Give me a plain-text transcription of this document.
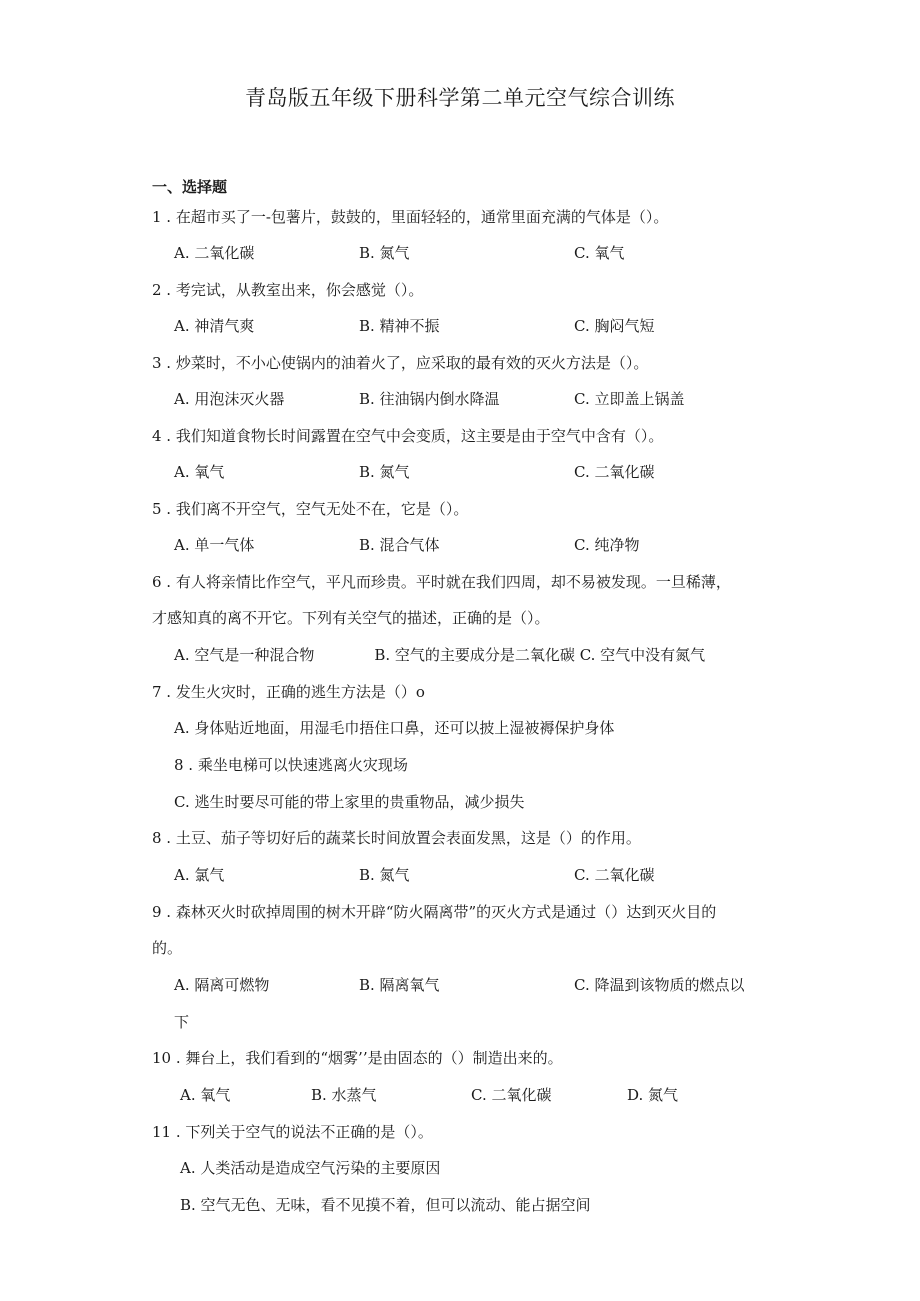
青岛版五年级下册科学第二单元空气综合训练
一、选择题
1 . 在超市买了一-包薯片，鼓鼓的，里面轻轻的，通常里面充满的气体是（）。
A. 二氧化碳	B. 氮气	C. 氧气
2 . 考完试，从教室出来，你会感觉（）。
A. 神清气爽	B. 精神不振	C. 胸闷气短
3 . 炒菜时，不小心使锅内的油着火了，应采取的最有效的灭火方法是（）。
A. 用泡沫灭火器	B. 往油锅内倒水降温	C. 立即盖上锅盖
4 . 我们知道食物长时间露置在空气中会变质，这主要是由于空气中含有（）。
A. 氧气	B. 氮气	C. 二氧化碳
5 . 我们离不开空气，空气无处不在，它是（）。
A. 单一气体	B. 混合气体	C. 纯净物
6 . 有人将亲情比作空气，平凡而珍贵。平时就在我们四周，却不易被发现。一旦稀薄，
才感知真的离不开它。下列有关空气的描述，正确的是（）。
A. 空气是一种混合物　　　　B. 空气的主要成分是二氧化碳 C. 空气中没有氮气
7 . 发生火灾时，正确的逃生方法是（）o
A. 身体贴近地面，用湿毛巾捂住口鼻，还可以披上湿被褥保护身体
8 . 乘坐电梯可以快速逃离火灾现场
C. 逃生时要尽可能的带上家里的贵重物品，减少损失
8 . 土豆、茄子等切好后的蔬菜长时间放置会表面发黑，这是（）的作用。
A. 氯气	B. 氮气	C. 二氧化碳
9 . 森林灭火时砍掉周围的树木开辟“防火隔离带”的灭火方式是通过（）达到灭火目的
的。
A. 隔离可燃物	B. 隔离氧气	C. 降温到该物质的燃点以
下
10 . 舞台上，我们看到的“烟雾’’是由固态的（）制造出来的。
A. 氧气	B. 水蒸气	C. 二氧化碳	D. 氮气
11 . 下列关于空气的说法不正确的是（）。
A. 人类活动是造成空气污染的主要原因
B. 空气无色、无味，看不见摸不着，但可以流动、能占据空间
